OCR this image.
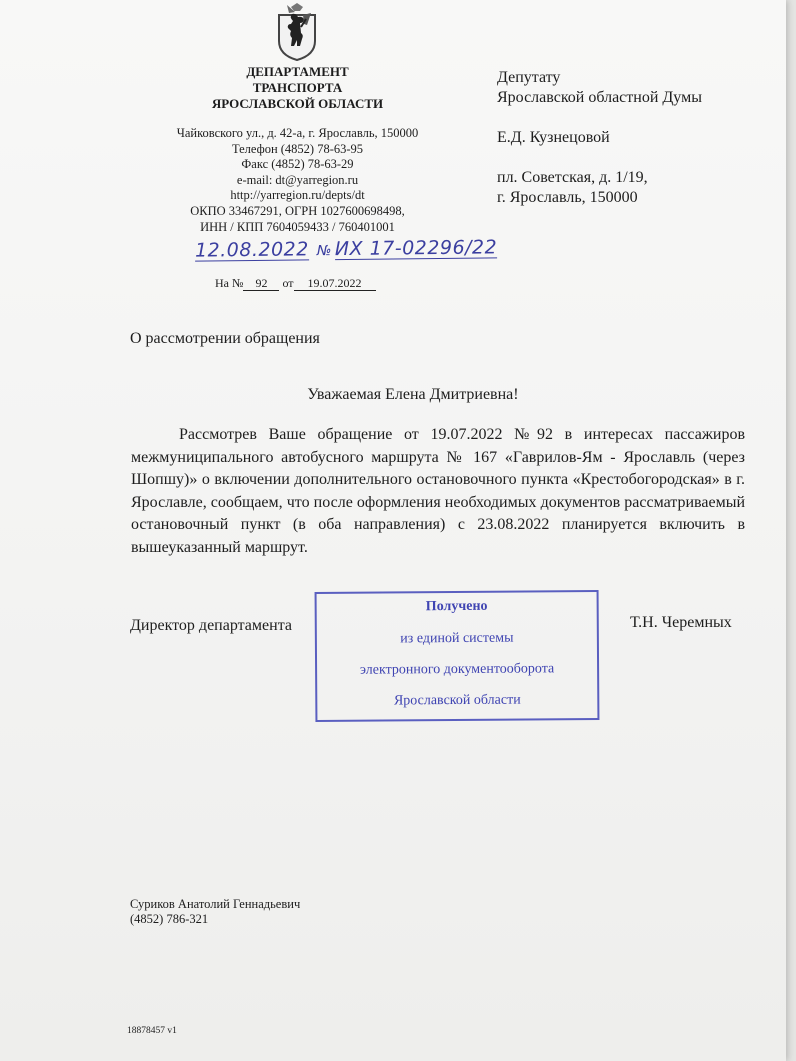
ДЕПАРТАМЕНТ
ТРАНСПОРТА
ЯРОСЛАВСКОЙ ОБЛАСТИ
Чайковского ул., д. 42-а, г. Ярославль, 150000
Телефон (4852) 78-63-95
Факс (4852) 78-63-29
e-mail: dt@yarregion.ru
http://yarregion.ru/depts/dt
ОКПО 33467291, ОГРН 1027600698498,
ИНН / КПП 7604059433 / 760401001
12.08.2022 № ИХ 17-02296/22
На № 92 от 19.07.2022
Депутату
Ярославской областной Думы
Е.Д. Кузнецовой
пл. Советская, д. 1/19,
г. Ярославль, 150000
О рассмотрении обращения
Уважаемая Елена Дмитриевна!
Рассмотрев Ваше обращение от 19.07.2022 №92 в интересах пассажиров межмуниципального автобусного маршрута № 167 «Гаврилов-Ям - Ярославль (через Шопшу)» о включении дополнительного остановочного пункта «Крестобогородская» в г. Ярославле, сообщаем, что после оформления необходимых документов рассматриваемый остановочный пункт (в оба направления) с 23.08.2022 планируется включить в вышеуказанный маршрут.
Директор департамента	Т.Н. Черемных
Получено
из единой системы
электронного документооборота
Ярославской области
Суриков Анатолий Геннадьевич
(4852) 786-321
18878457 v1
